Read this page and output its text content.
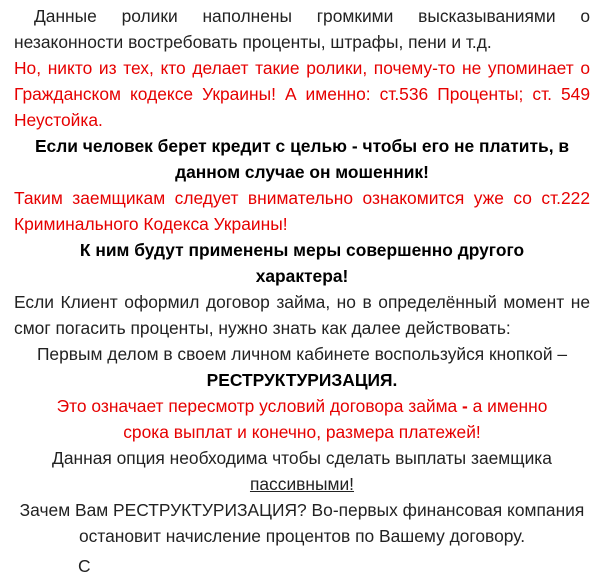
Данные ролики наполнены громкими высказываниями о незаконности востребовать проценты, штрафы, пени и т.д.

Но, никто из тех, кто делает такие ролики, почему-то не упоминает о Гражданском кодексе Украины! А именно: ст.536 Проценты; ст. 549 Неустойка.

Если человек берет кредит с целью - чтобы его не платить, в данном случае он мошенник!

Таким заемщикам следует внимательно ознакомится уже со ст.222 Криминального Кодекса Украины!

К ним будут применены меры совершенно другого характера!

Если Клиент оформил договор займа, но в определённый момент не смог погасить проценты, нужно знать как далее действовать:

Первым делом в своем личном кабинете воспользуйся кнопкой –
РЕСТРУКТУРИЗАЦИЯ.

Это означает пересмотр условий договора займа - а именно срока выплат и конечно, размера платежей!

Данная опция необходима чтобы сделать выплаты заемщика
пассивными!

Зачем Вам РЕСТРУКТУРИЗАЦИЯ? Во-первых финансовая компания остановит начисление процентов по Вашему договору.

С
